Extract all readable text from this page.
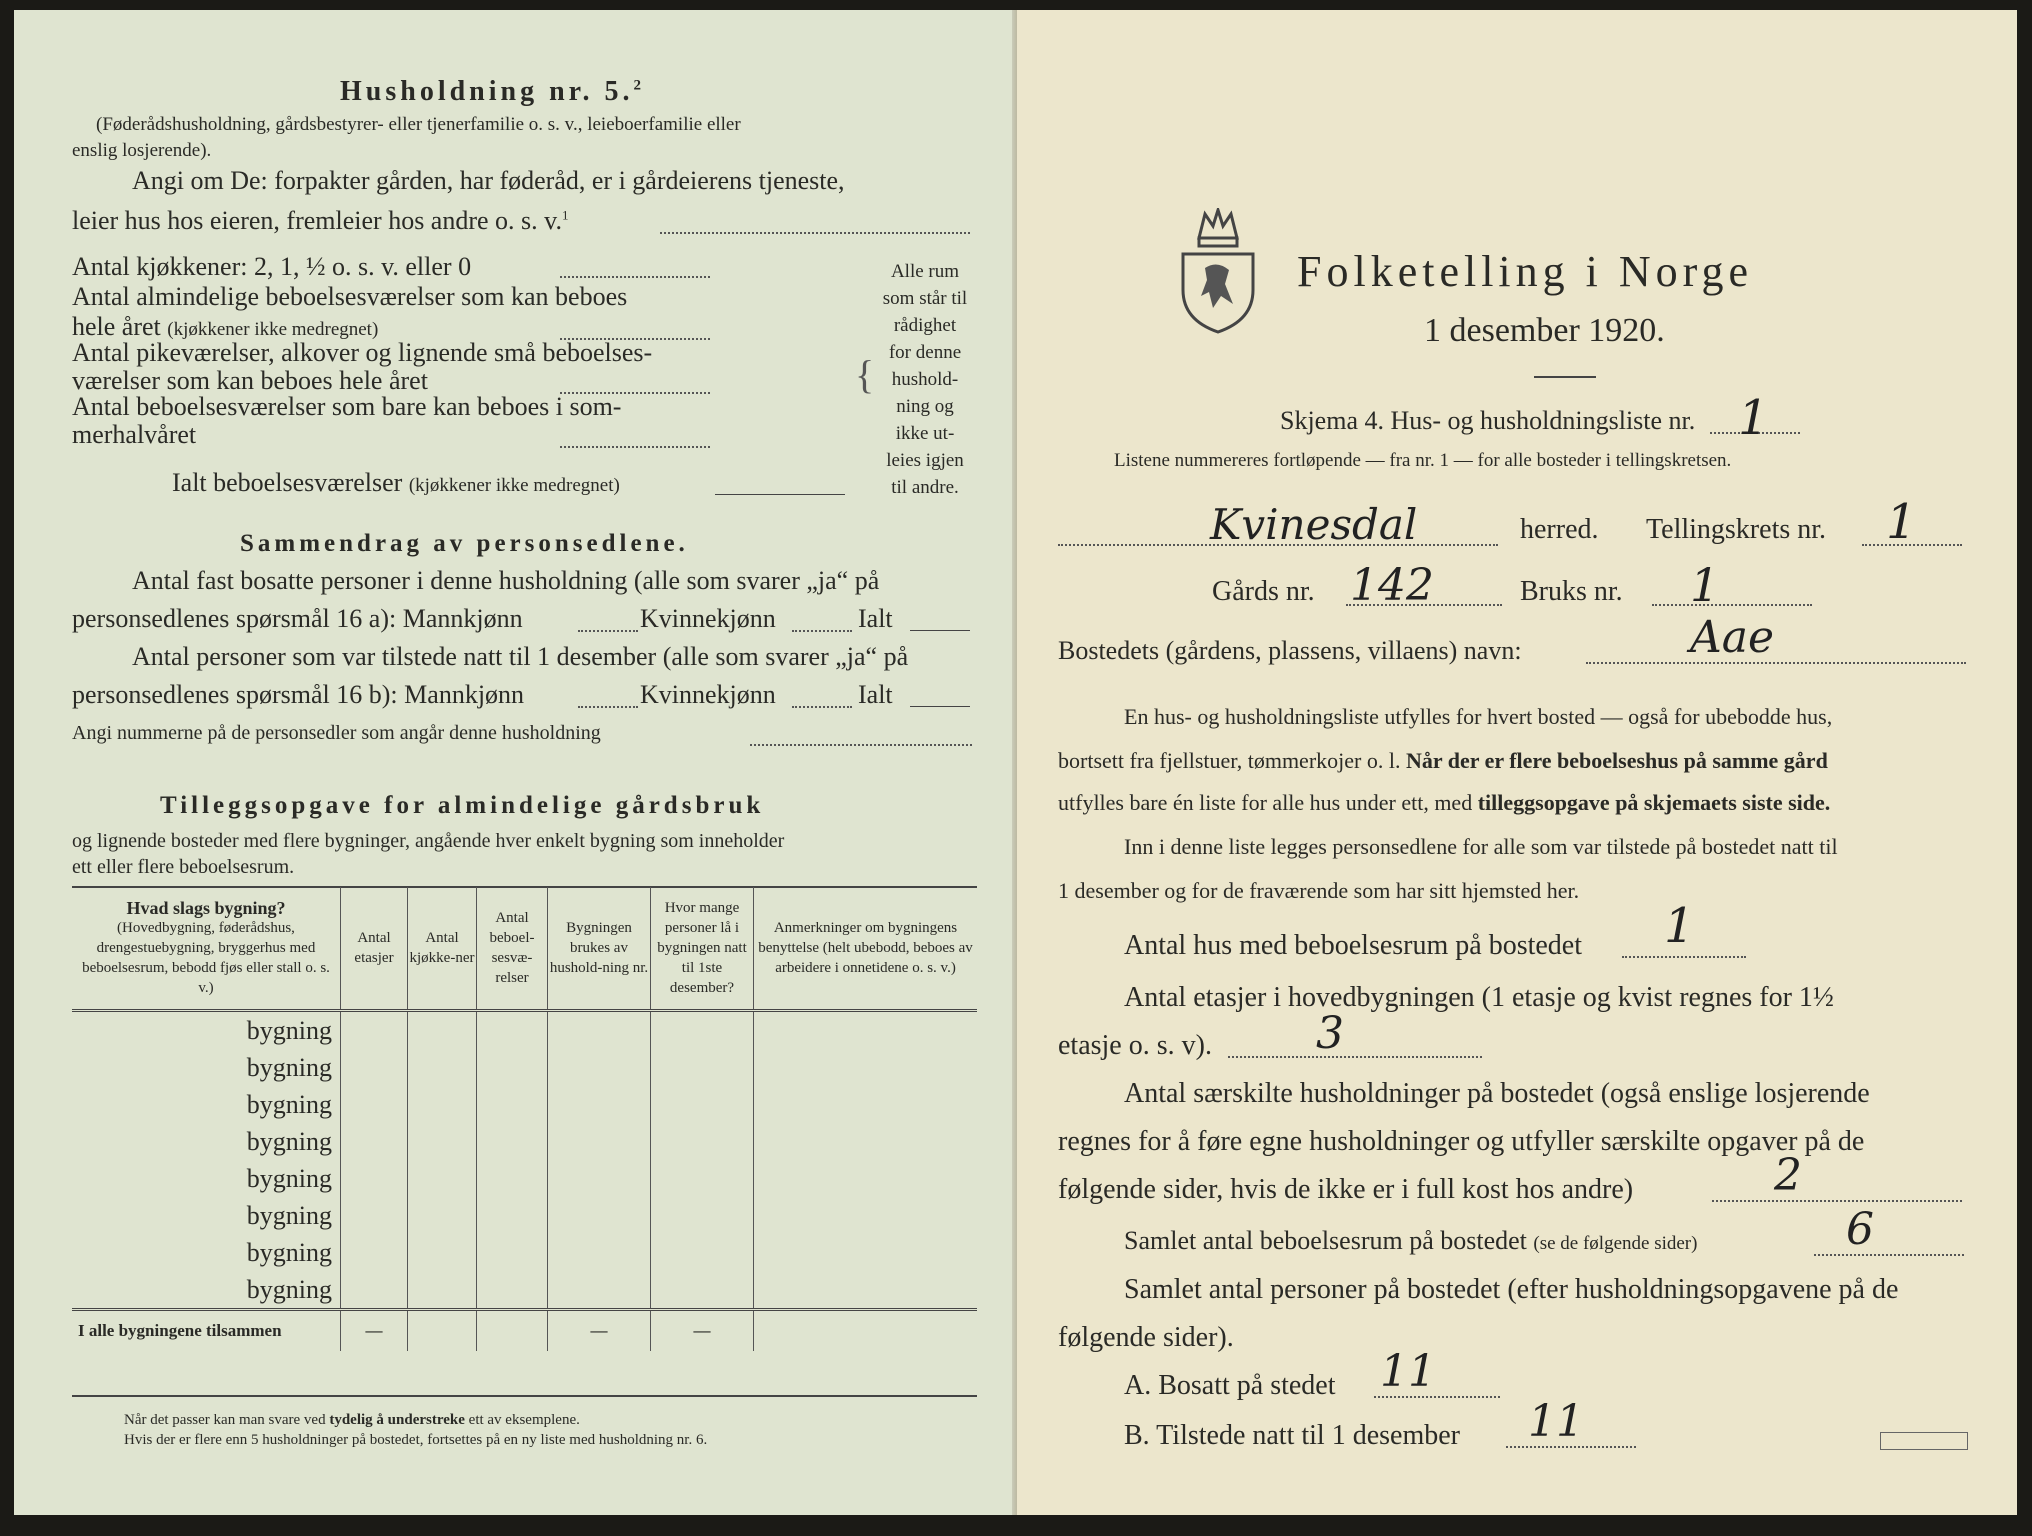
Husholdning nr. 5.$^2$
(Føderådshusholdning, gårdsbestyrer- eller tjenerfamilie o. s. v., leieboerfamilie eller
enslig losjerende).
Angi om De: forpakter gården, har føderåd, er i gårdeierens tjeneste,
leier hus hos eieren, fremleier hos andre o. s. v.$^1$
Antal kjøkkener: 2, 1, ½ o. s. v. eller 0
Antal almindelige beboelsesværelser som kan beboes
hele året (kjøkkener ikke medregnet)
Antal pikeværelser, alkover og lignende små beboelses-
værelser som kan beboes hele året
Antal beboelsesværelser som bare kan beboes i som-
merhalvåret
Ialt beboelsesværelser (kjøkkener ikke medregnet)
{
Alle rum
som står til
rådighet
for denne
hushold-
ning og
ikke ut-
leies igjen
til andre.
Sammendrag av personsedlene.
Antal fast bosatte personer i denne husholdning (alle som svarer „ja“ på
personsedlenes spørsmål 16 a): Mannkjønn	Kvinnekjønn	Ialt
Antal personer som var tilstede natt til 1 desember (alle som svarer „ja“ på
personsedlenes spørsmål 16 b): Mannkjønn	Kvinnekjønn	Ialt
Angi nummerne på de personsedler som angår denne husholdning
Tilleggsopgave for almindelige gårdsbruk
og lignende bosteder med flere bygninger, angående hver enkelt bygning som inneholder
ett eller flere beboelsesrum.
Hvad slags bygning?
(Hovedbygning, føderådshus, drengestuebygning, bryggerhus med beboelsesrum, bebodd fjøs eller stall o. s. v.)	Antal etasjer	Antal kjøkke-ner	Antal beboel-sesvæ-relser	Bygningen brukes av hushold-ning nr.	Hvor mange personer lå i bygningen natt til 1ste desember?	Anmerkninger om bygningens benyttelse (helt ubebodd, beboes av arbeidere i onnetidene o. s. v.)
bygning						
bygning						
bygning						
bygning						
bygning						
bygning						
bygning						
bygning						
I alle bygningene tilsammen	—			—	—	
Når det passer kan man svare ved tydelig å understreke ett av eksemplene.
Hvis der er flere enn 5 husholdninger på bostedet, fortsettes på en ny liste med husholdning nr. 6.
Folketelling i Norge
1 desember 1920.
Skjema 4. Hus- og husholdningsliste nr. 1
Listene nummereres fortløpende — fra nr. 1 — for alle bosteder i tellingskretsen.
Kvinesdal	herred. Tellingskrets nr. 1
Gårds nr. 142	Bruks nr. 1
Bostedets (gårdens, plassens, villaens) navn:	Aae
En hus- og husholdningsliste utfylles for hvert bosted — også for ubebodde hus,
bortsett fra fjellstuer, tømmerkojer o. l. Når der er flere beboelseshus på samme gård
utfylles bare én liste for alle hus under ett, med tilleggsopgave på skjemaets siste side.
Inn i denne liste legges personsedlene for alle som var tilstede på bostedet natt til
1 desember og for de fraværende som har sitt hjemsted her.
Antal hus med beboelsesrum på bostedet 1
Antal etasjer i hovedbygningen (1 etasje og kvist regnes for 1½
etasje o. s. v). 3
Antal særskilte husholdninger på bostedet (også enslige losjerende
regnes for å føre egne husholdninger og utfyller særskilte opgaver på de
følgende sider, hvis de ikke er i full kost hos andre)	2
Samlet antal beboelsesrum på bostedet (se de følgende sider)	6
Samlet antal personer på bostedet (efter husholdningsopgavene på de
følgende sider).
A. Bosatt på stedet 11
B. Tilstede natt til 1 desember 11
